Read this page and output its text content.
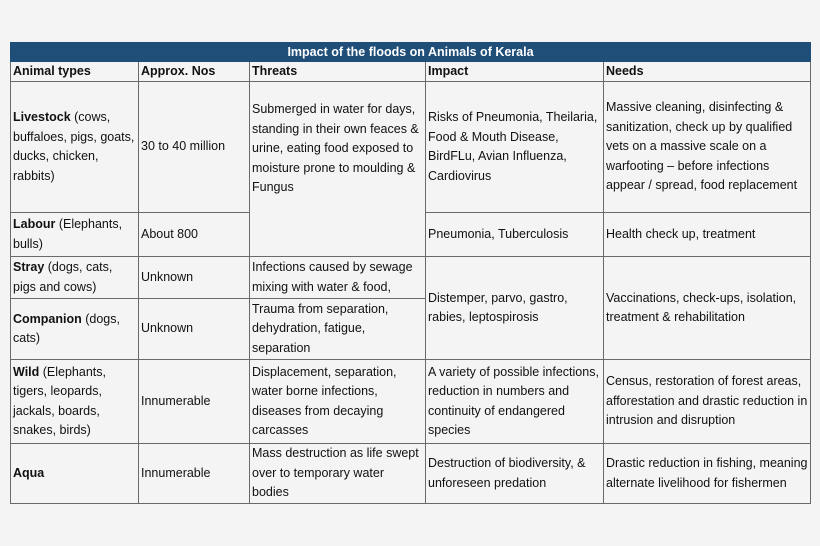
Impact of the floods on Animals of Kerala				
Animal types	Approx. Nos	Threats	Impact	Needs
Livestock (cows, buffaloes, pigs, goats, ducks, chicken, rabbits)	30 to 40 million	Submerged in water for days, standing in their own feaces & urine, eating food exposed to moisture prone to moulding & Fungus	Risks of Pneumonia, Theilaria, Food & Mouth Disease, BirdFLu, Avian Influenza, Cardiovirus	Massive cleaning, disinfecting & sanitization, check up by qualified vets on a massive scale on a warfooting – before infections appear / spread, food replacement
Labour (Elephants, bulls)	About 800		Pneumonia, Tuberculosis	Health check up, treatment
Stray (dogs, cats, pigs and cows)	Unknown	Infections caused by sewage mixing with water & food,	Distemper, parvo, gastro, rabies, leptospirosis	Vaccinations, check-ups, isolation, treatment & rehabilitation
Companion (dogs, cats)	Unknown	Trauma from separation, dehydration, fatigue, separation		
Wild (Elephants, tigers, leopards, jackals, boards, snakes, birds)	Innumerable	Displacement, separation, water borne infections, diseases from decaying carcasses	A variety of possible infections, reduction in numbers and continuity of endangered species	Census, restoration of forest areas, afforestation and drastic reduction in intrusion and disruption
Aqua	Innumerable	Mass destruction as life swept over to temporary water bodies	Destruction of biodiversity, & unforeseen predation	Drastic reduction in fishing, meaning alternate livelihood for fishermen
